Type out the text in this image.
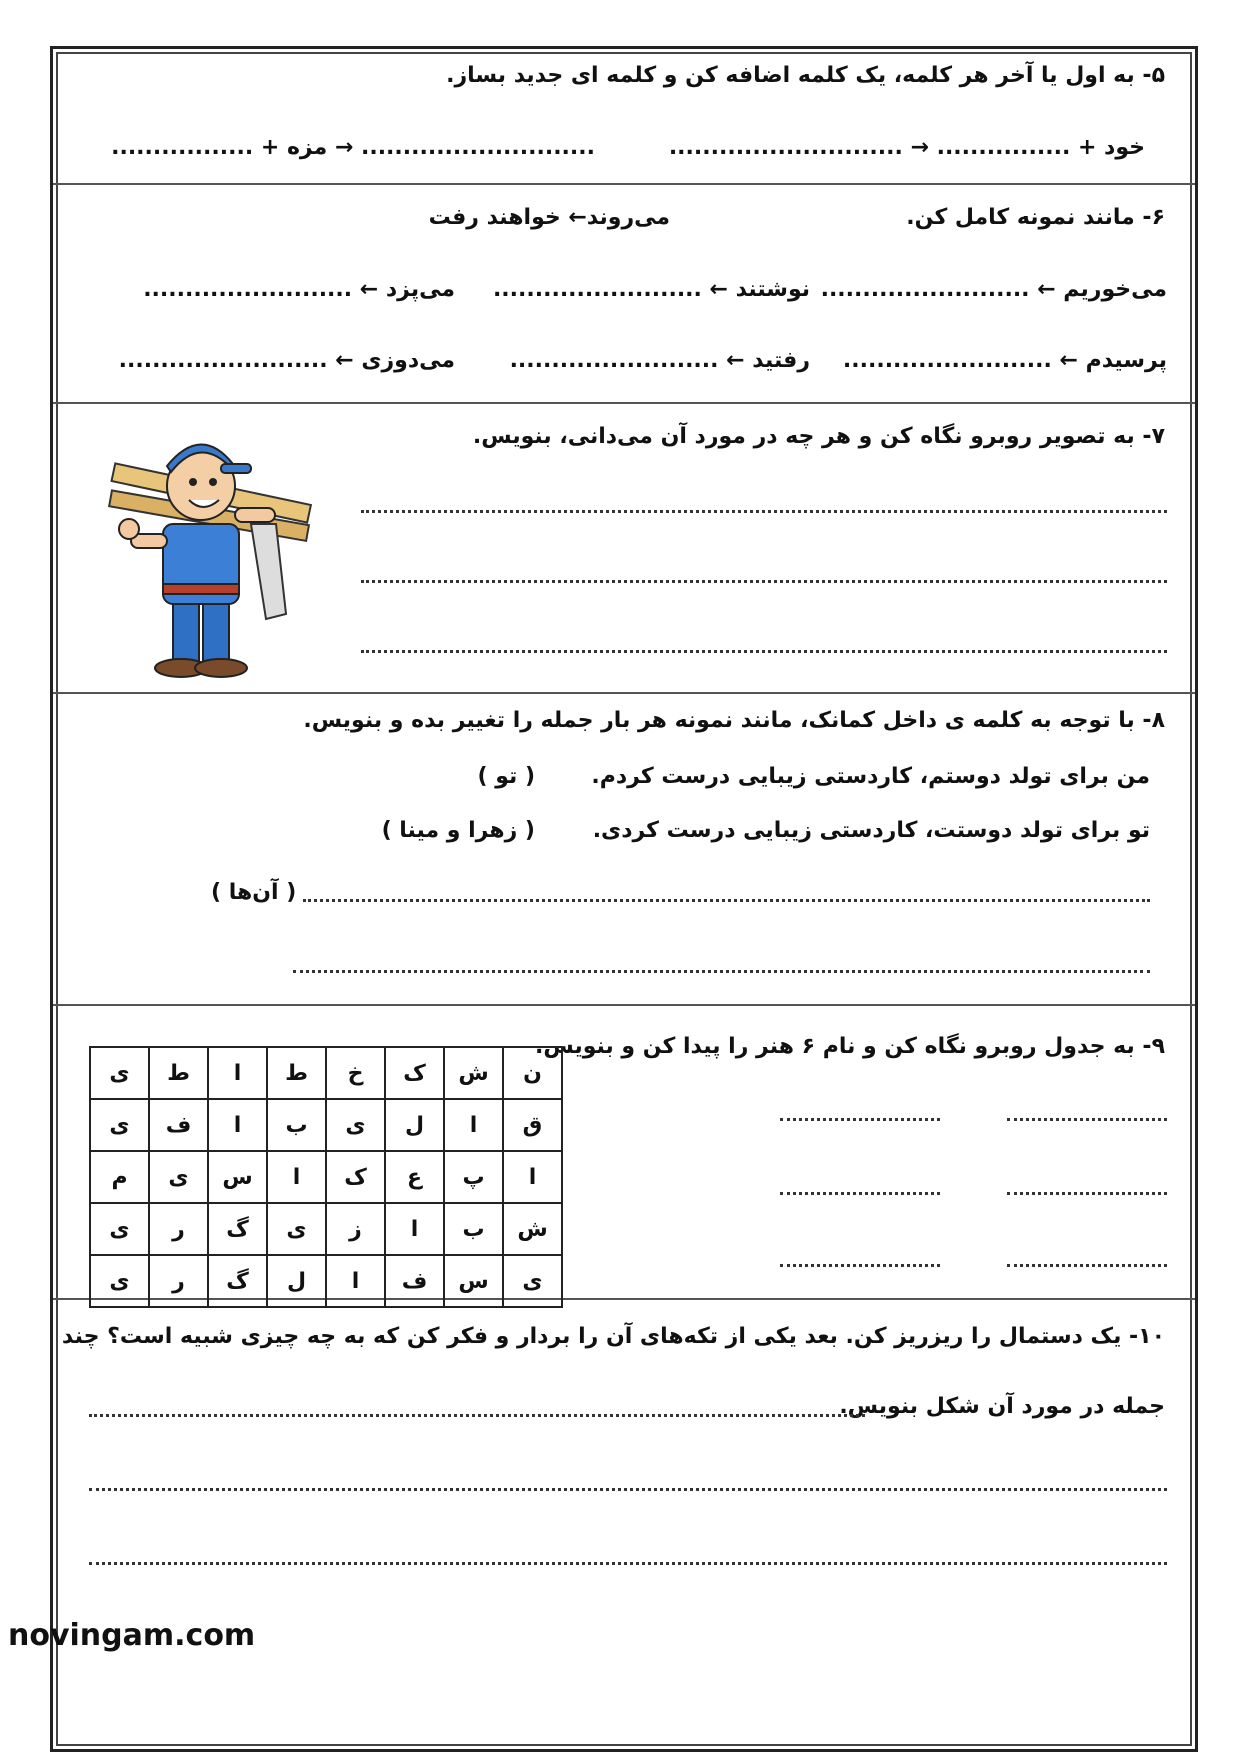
۵- به اول یا آخر هر کلمه، یک کلمه اضافه کن و کلمه ای جدید بساز.
خود + ................ → ............................
............................ → مزه + .................
۶- مانند نمونه کامل کن.
می‌روند← خواهند رفت
می‌خوریم ← .........................
نوشتند ← .........................
می‌پزد ← .........................
پرسیدم ← .........................
رفتید ← .........................
می‌دوزی ← .........................
۷- به تصویر روبرو نگاه کن و هر چه در مورد آن می‌دانی، بنویس.
۸- با توجه به کلمه ی داخل کمانک، مانند نمونه هر بار جمله را تغییر بده و بنویس.
من برای تولد دوستم، کاردستی زیبایی درست کردم.
( تو )
تو برای تولد دوستت، کاردستی زیبایی درست کردی.
( زهرا و مینا )
( آن‌ها )
۹- به جدول روبرو نگاه کن و نام ۶ هنر را پیدا کن و بنویس.
ی	ط	ا	ط	خ	ک	ش	ن
ی	ف	ا	ب	ی	ل	ا	ق
م	ی	س	ا	ک	ع	پ	ا
ی	ر	گ	ی	ز	ا	ب	ش
ی	ر	گ	ل	ا	ف	س	ی
۱۰- یک دستمال را ریزریز کن. بعد یکی از تکه‌های آن را بردار و فکر کن که به چه چیزی شبیه است؟ چند
جمله در مورد آن شکل بنویس.
novingam.com
